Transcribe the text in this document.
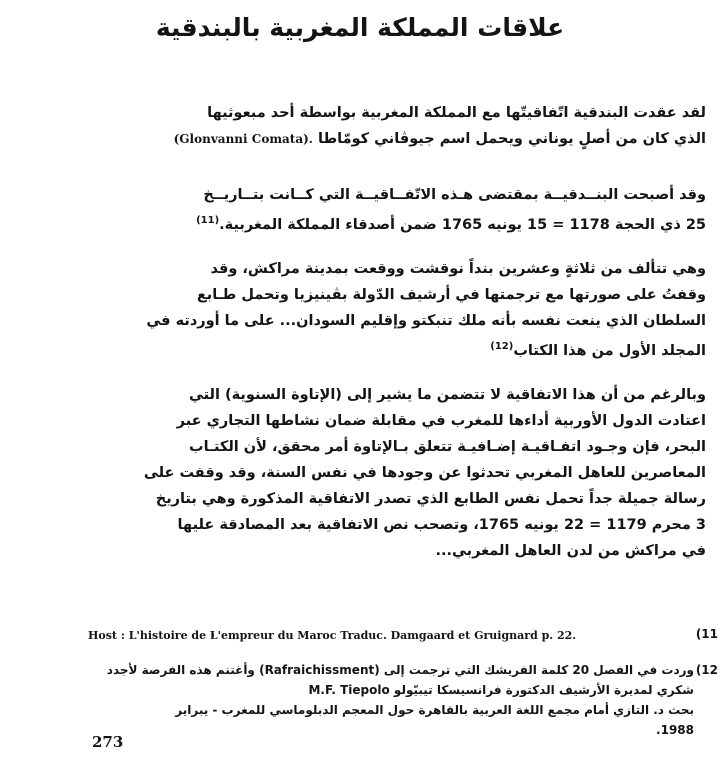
علاقات المملكة المغربية بالبندقية
لقد عقدت البندقية اتّفاقيتّها مع المملكة المغربية بواسطة أحد مبعوثيها
الذي كان من أصلٍ يوناني ويحمل اسم جيوڤاني كومّاطا (Glonvanni Comata).
وقد أصبحت البنــدقيــة بمقتضى هـذه الاتّفــاقيــة التي كــانت بتــاريــخ
25 ذي الحجة 1178 = 15 يونيه 1765 ضمن أصدقاء المملكة المغربية.$^{(11)}$
وهي تتألف من ثلاثةٍ وعشرين بنداً نوقشت ووقعت بمدينة مراكش، وقد
وقفتُ على صورتها مع ترجمتها في أرشيف الدّولة بڤينيزيا وتحمل طـابع
السلطان الذي ينعت نفسه بأنه ملك تنبكتو وإقليم السودان... على ما أوردته في
المجلد الأول من هذا الكتاب$^{(12)}$
وبالرغم من أن هذا الاتفاقية لا تتضمن ما يشير إلى (الإتاوة السنوية) التي
اعتادت الدول الأوربية أداءها للمغرب في مقابلة ضمان نشاطها التجاري عبر
البحر، فإن وجـود اتفـاقيـة إضـافيـة تتعلق بـالإتاوة أمر محقق، لأن الكتـاب
المعاصرين للعاهل المغربي تحدثوا عن وجودها في نفس السنة، وقد وقفت على
رسالة جميلة جداً تحمل نفس الطابع الذي تصدر الاتفاقية المذكورة وهي بتاريخ
3 محرم 1179 = 22 يونيه 1765، وتصحب نص الاتفاقية بعد المصادقة عليها
في مراكش من لدن العاهل المغربي...
(11
Host : L'histoire de L'empreur du Maroc Traduc. Damgaard et Gruignard p. 22.
(12
وردت في الفصل 20 كلمة الفريشك التي ترجمت إلى (Rafraichissment) وأغتنم هذه الفرصة لأجدد
شكري لمديرة الأرشيف الدكتورة فرانسيسكا تيبيّولو M.F. Tiepolo
بحث د. التازي أمام مجمع اللغة العربية بالقاهرة حول المعجم الدبلوماسي للمغرب - يبراير
1988.

273
